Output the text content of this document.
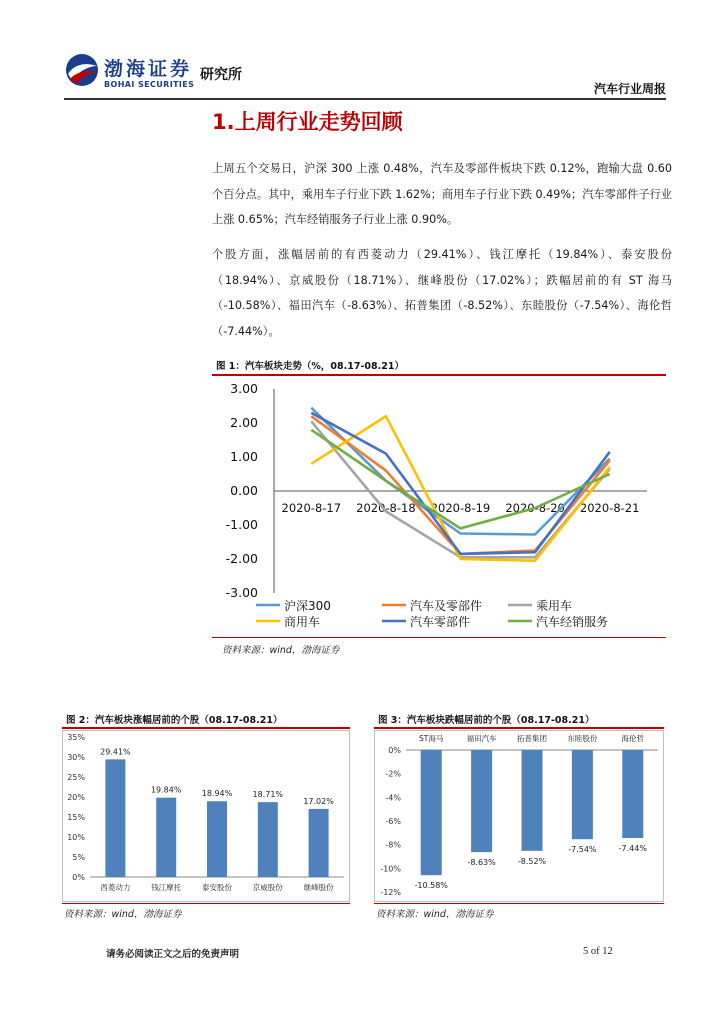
渤海证券
BOHAI SECURITIES
研究所
汽车行业周报
1.上周行业走势回顾
上周五个交易日，沪深 300 上涨 0.48%，汽车及零部件板块下跌 0.12%，跑输大盘 0.60 个百分点。其中，乘用车子行业下跌 1.62%；商用车子行业下跌 0.49%；汽车零部件子行业上涨 0.65%；汽车经销服务子行业上涨 0.90%。
个股方面，涨幅居前的有西菱动力（29.41%）、钱江摩托（19.84%）、泰安股份（18.94%）、京威股份（18.71%）、继峰股份（17.02%）；跌幅居前的有 ST 海马（-10.58%）、福田汽车（-8.63%）、拓普集团（-8.52%）、东睦股份（-7.54%）、海伦哲（-7.44%）。
图 1：汽车板块走势（%，08.17-08.21）
3.00
2.00
1.00
0.00
-1.00
-2.00
-3.00
2020-8-17 2020-8-18 2020-8-19 2020-8-20 2020-8-21
沪深300	汽车及零部件	乘用车
商用车	汽车零部件	汽车经销服务
资料来源：wind，渤海证券
图 2：汽车板块涨幅居前的个股（08.17-08.21）
35%
30%
25%
20%
15%
10%
5%
0%
29.41%
西菱动力
19.84%
钱江摩托
18.94%
泰安股份
18.71%
京威股份
17.02%
继峰股份
资料来源：wind，渤海证券
图 3：汽车板块跌幅居前的个股（08.17-08.21）
0%
-2%
-4%
-6%
-8%
-10%
-12%
-10.58%
ST海马
-8.63%
福田汽车
-8.52%
拓普集团
-7.54%
东睦股份
-7.44%
海伦哲
资料来源：wind，渤海证券
请务必阅读正文之后的免责声明	5 of 12
